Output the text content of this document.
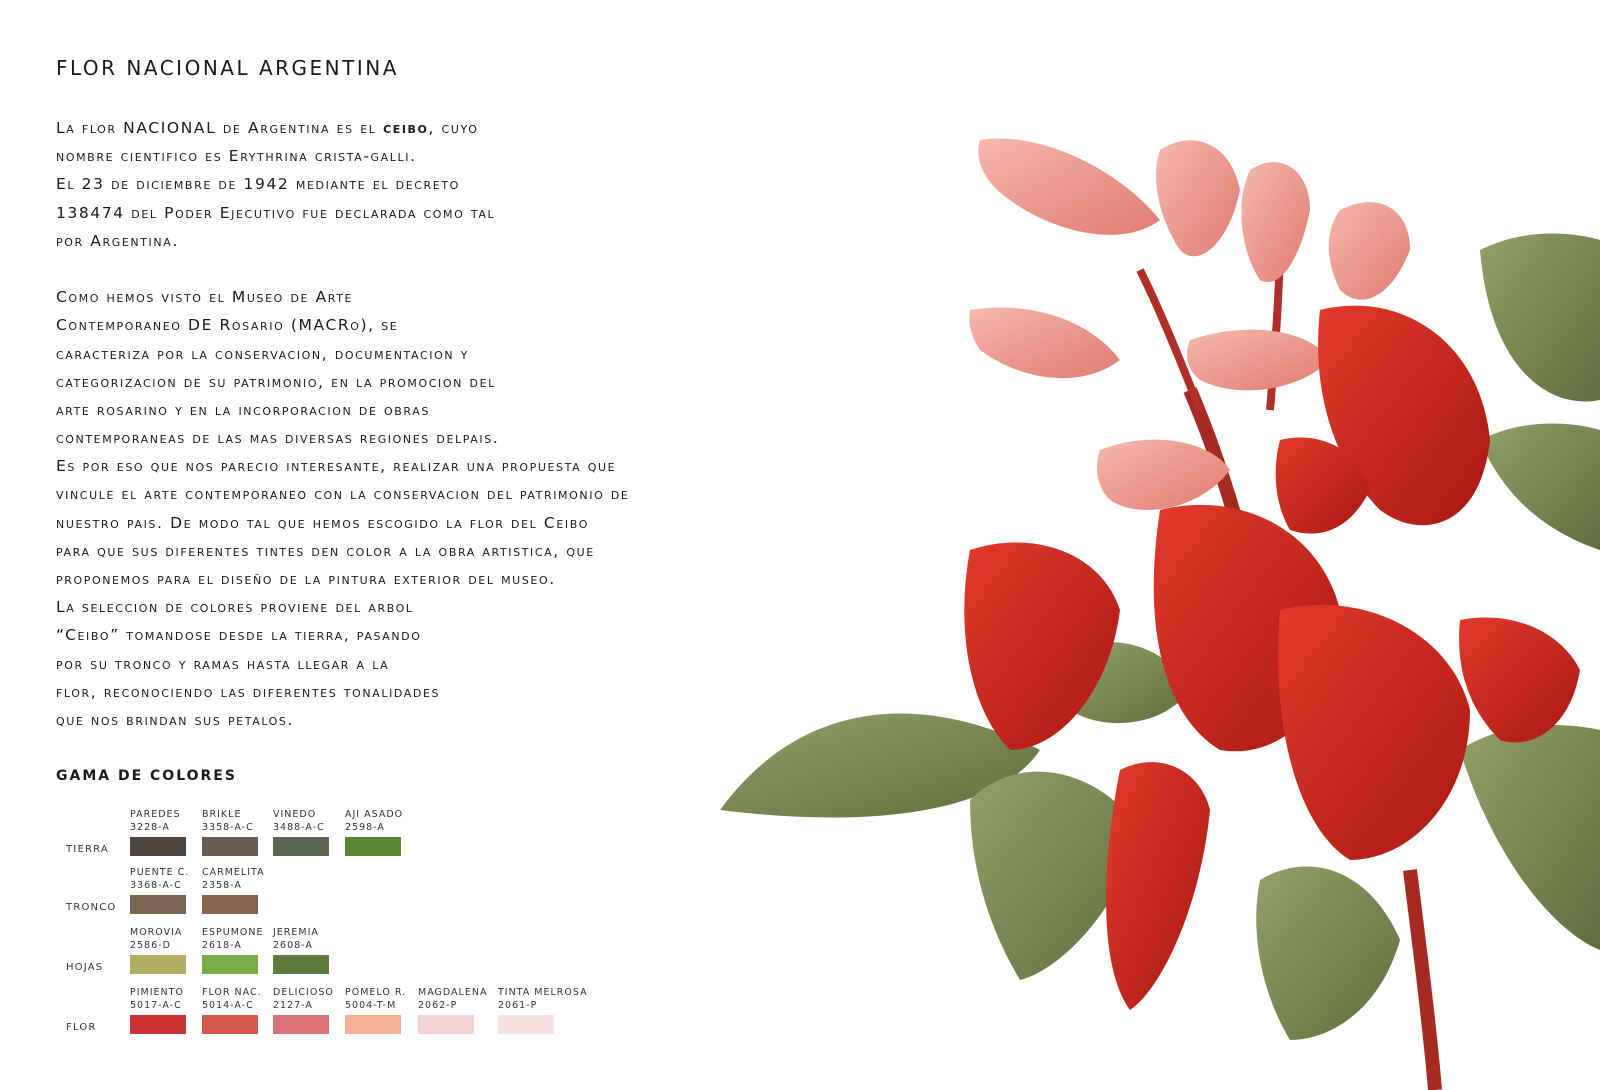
FLOR NACIONAL ARGENTINA
La flor NACIONAL de Argentina es el ceibo, cuyo
nombre cientifico es Erythrina crista-galli.
El 23 de diciembre de 1942 mediante el decreto
138474 del Poder Ejecutivo fue declarada como tal
por Argentina.
Como hemos visto el Museo de Arte
Contemporaneo DE Rosario (MACRo), se
caracteriza por la conservacion, documentacion y
categorizacion de su patrimonio, en la promocion del
arte rosarino y en la incorporacion de obras
contemporaneas de las mas diversas regiones delpais.
Es por eso que nos parecio interesante, realizar una propuesta que
vincule el arte contemporaneo con la conservacion del patrimonio de
nuestro pais. De modo tal que hemos escogido la flor del Ceibo
para que sus diferentes tintes den color a la obra artistica, que
proponemos para el diseño de la pintura exterior del museo.
La seleccion de colores proviene del arbol
“Ceibo” tomandose desde la tierra, pasando
por su tronco y ramas hasta llegar a la
flor, reconociendo las diferentes tonalidades
que nos brindan sus petalos.
GAMA DE COLORES
TIERRA
PAREDES
3228-A
BRIKLE
3358-A-C
VINEDO
3488-A-C
AJI ASADO
2598-A
TRONCO
PUENTE C.
3368-A-C
CARMELITA
2358-A
HOJAS
MOROVIA
2586-D
ESPUMONE
2618-A
JEREMIA
2608-A
FLOR
PIMIENTO
5017-A-C
FLOR NAC.
5014-A-C
DELICIOSO
2127-A
POMELO R.
5004-T-M
MAGDALENA
2062-P
TINTA MELROSA
2061-P
